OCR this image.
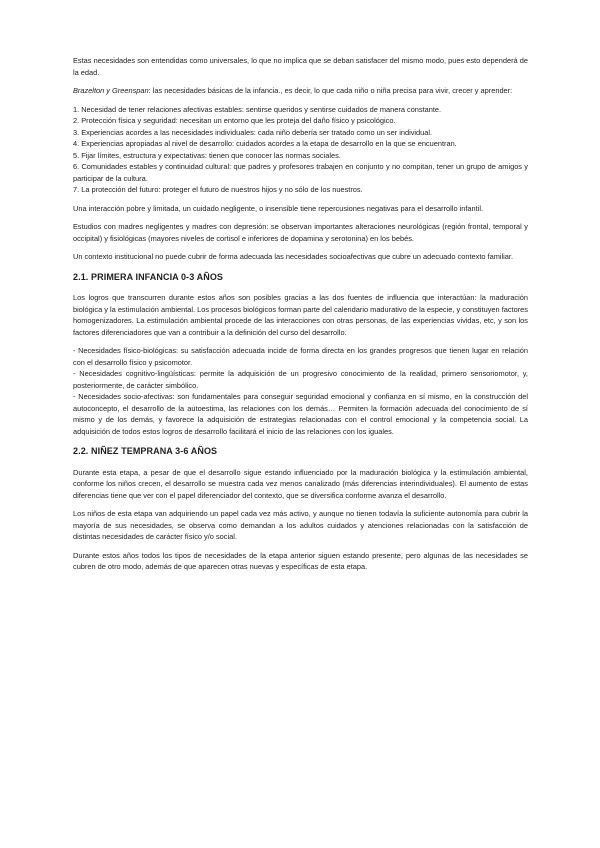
Estas necesidades son entendidas como universales, lo que no implica que se deban satisfacer del mismo modo, pues esto dependerá de la edad.

Brazelton y Greenspan: las necesidades básicas de la infancia., es decir, lo que cada niño o niña precisa para vivir, crecer y aprender:

1. Necesidad de tener relaciones afectivas estables: sentirse queridos y sentirse cuidados de manera constante.
2. Protección física y seguridad: necesitan un entorno que les proteja del daño físico y psicológico.
3. Experiencias acordes a las necesidades individuales: cada niño debería ser tratado como un ser individual.
4. Experiencias apropiadas al nivel de desarrollo: cuidados acordes a la etapa de desarrollo en la que se encuentran.
5. Fijar límites, estructura y expectativas: tienen que conocer las normas sociales.
6. Comunidades estables y continuidad cultural: que padres y profesores trabajen en conjunto y no compitan, tener un grupo de amigos y participar de la cultura.
7. La protección del futuro: proteger el futuro de nuestros hijos y no sólo de los nuestros.

Una interacción pobre y limitada, un cuidado negligente, o insensible tiene repercusiones negativas para el desarrollo infantil.

Estudios con madres negligentes y madres con depresión: se observan importantes alteraciones neurológicas (región frontal, temporal y occipital) y fisiológicas (mayores niveles de cortisol e inferiores de dopamina y serotonina) en los bebés.

Un contexto institucional no puede cubrir de forma adecuada las necesidades socioafectivas que cubre un adecuado contexto familiar.

2.1. PRIMERA INFANCIA 0-3 AÑOS

Los logros que transcurren durante estos años son posibles gracias a las dos fuentes de influencia que interactúan: la maduración biológica y la estimulación ambiental. Los procesos biológicos forman parte del calendario madurativo de la especie, y constituyen factores homogenizadores. La estimulación ambiental procede de las interacciones con otras personas, de las experiencias vividas, etc, y son los factores diferenciadores que van a contribuir a la definición del curso del desarrollo.

- Necesidades físico-biológicas: su satisfacción adecuada incide de forma directa en los grandes progresos que tienen lugar en relación con el desarrollo físico y psicomotor.
- Necesidades cognitivo-lingüísticas: permite la adquisición de un progresivo conocimiento de la realidad, primero sensoriomotor, y, posteriormente, de carácter simbólico.
- Necesidades socio-afectivas: son fundamentales para conseguir seguridad emocional y confianza en sí mismo, en la construcción del autoconcepto, el desarrollo de la autoestima, las relaciones con los demás… Permiten la formación adecuada del conocimiento de sí mismo y de los demás, y favorece la adquisición de estrategias relacionadas con el control emocional y la competencia social. La adquisición de todos estos logros de desarrollo facilitará el inicio de las relaciones con los iguales.
2.2. NIÑEZ TEMPRANA 3-6 AÑOS

Durante esta etapa, a pesar de que el desarrollo sigue estando influenciado por la maduración biológica y la estimulación ambiental, conforme los niños crecen, el desarrollo se muestra cada vez menos canalizado (más diferencias interindividuales). El aumento de estas diferencias tiene que ver con el papel diferenciador del contexto, que se diversifica conforme avanza el desarrollo.

Los niños de esta etapa van adquiriendo un papel cada vez más activo, y aunque no tienen todavía la suficiente autonomía para cubrir la mayoría de sus necesidades, se observa como demandan a los adultos cuidados y atenciones relacionadas con la satisfacción de distintas necesidades de carácter físico y/o social.

Durante estos años todos los tipos de necesidades de la etapa anterior siguen estando presente, pero algunas de las necesidades se cubren de otro modo, además de que aparecen otras nuevas y específicas de esta etapa.
